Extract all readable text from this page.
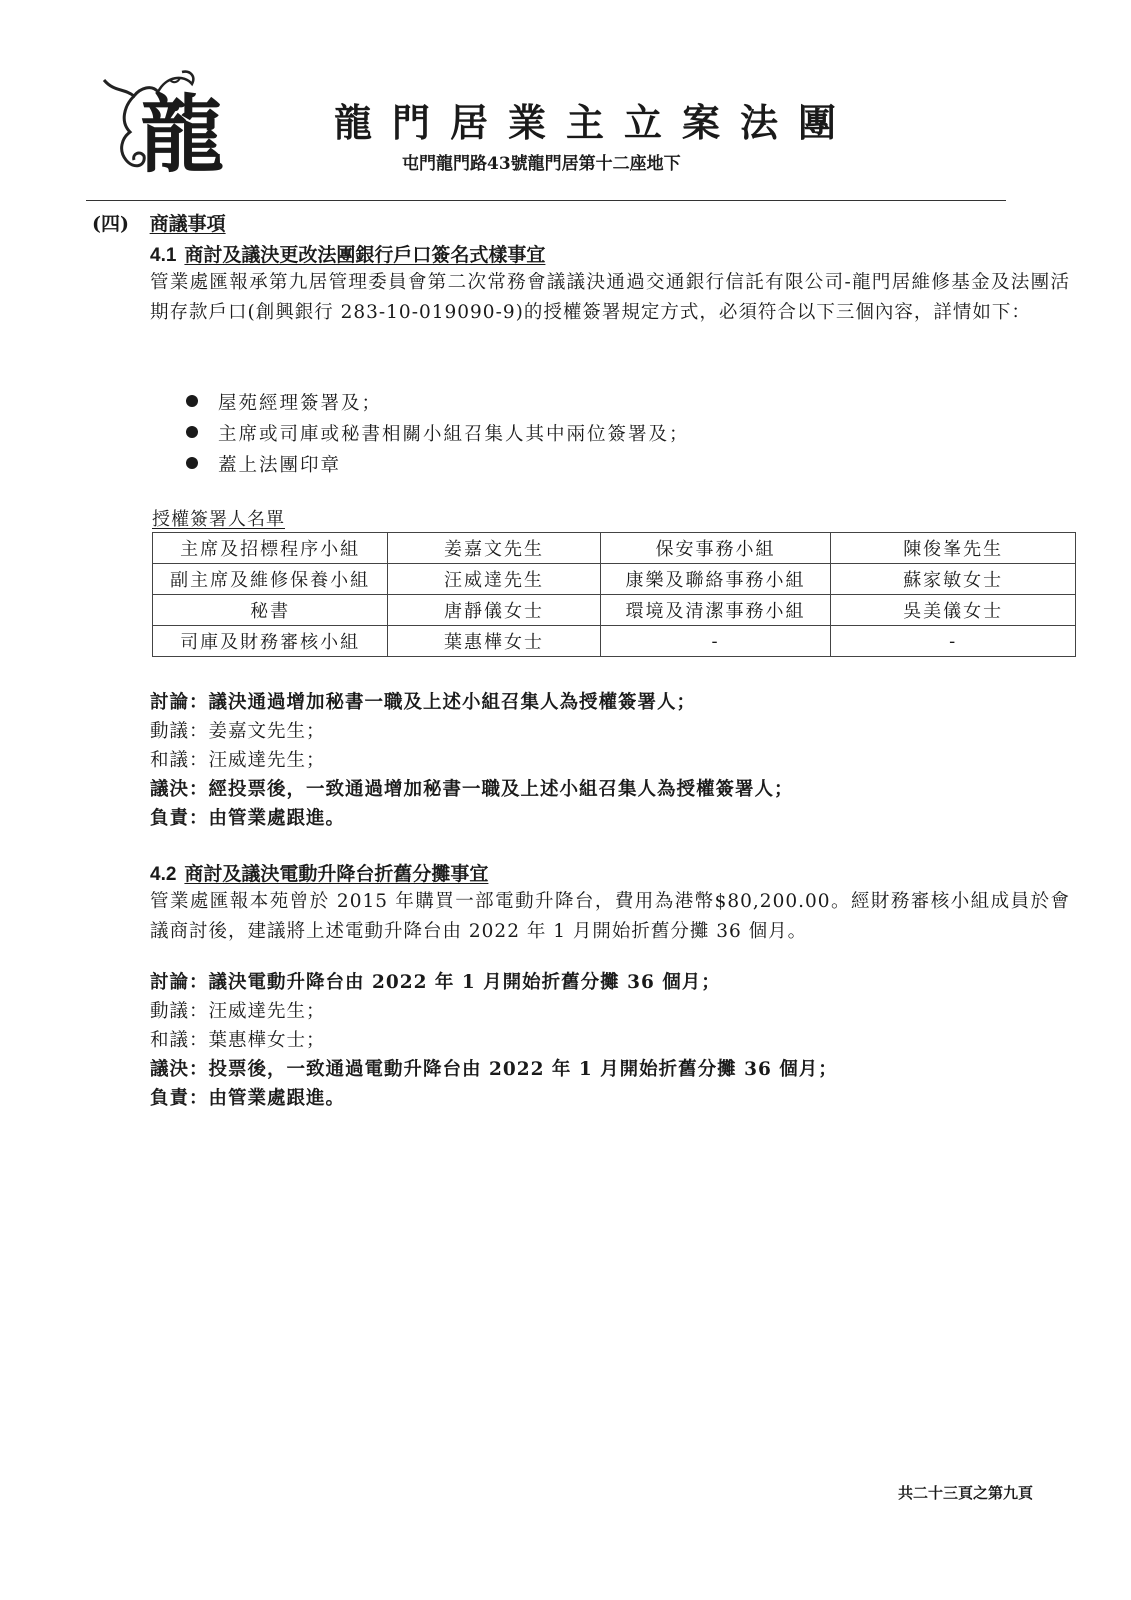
龍	龍門居業主立案法團
屯門龍門路43號龍門居第十二座地下
(四) 商議事項
4.1 商討及議決更改法團銀行戶口簽名式樣事宜
管業處匯報承第九居管理委員會第二次常務會議議決通過交通銀行信託有限公司-龍門居維修基金及法團活期存款戶口(創興銀行 283-10-019090-9)的授權簽署規定方式，必須符合以下三個內容，詳情如下：
屋苑經理簽署及；
主席或司庫或秘書相關小組召集人其中兩位簽署及；
蓋上法團印章
授權簽署人名單
主席及招標程序小組	姜嘉文先生	保安事務小組	陳俊峯先生
副主席及維修保養小組	汪威達先生	康樂及聯絡事務小組	蘇家敏女士
秘書	唐靜儀女士	環境及清潔事務小組	吳美儀女士
司庫及財務審核小組	葉惠樺女士	-	-
討論：議決通過增加秘書一職及上述小組召集人為授權簽署人；
動議：姜嘉文先生；
和議：汪威達先生；
議決：經投票後，一致通過增加秘書一職及上述小組召集人為授權簽署人；
負責：由管業處跟進。
4.2 商討及議決電動升降台折舊分攤事宜
管業處匯報本苑曾於 2015 年購買一部電動升降台，費用為港幣$80,200.00。經財務審核小組成員於會議商討後，建議將上述電動升降台由 2022 年 1 月開始折舊分攤 36 個月。
討論：議決電動升降台由 2022 年 1 月開始折舊分攤 36 個月；
動議：汪威達先生；
和議：葉惠樺女士；
議決：投票後，一致通過電動升降台由 2022 年 1 月開始折舊分攤 36 個月；
負責：由管業處跟進。
共二十三頁之第九頁
